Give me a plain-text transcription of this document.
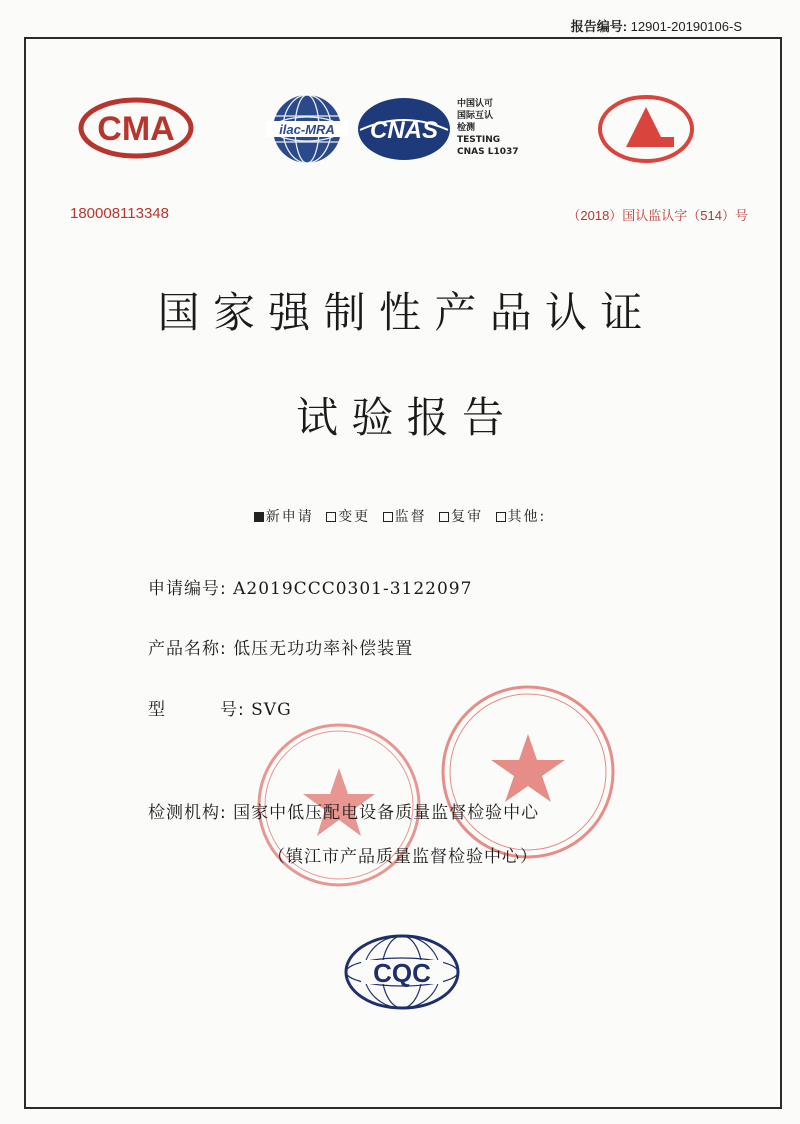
报告编号: 12901-20190106-S
CMA	ilac-MRA CNAS
中国认可
国际互认
检测
TESTING
CNAS L1037
CAL
180008113348	（2018）国认监认字（514）号
国 家 强 制 性 产 品 认 证
试 验 报 告
新申请 变更 监督 复审 其他:
申请编号: A2019CCC0301-3122097
产品名称: 低压无功功率补偿装置
型　　　号: SVG
检测机构: 国家中低压配电设备质量监督检验中心
（镇江市产品质量监督检验中心）
CQC
